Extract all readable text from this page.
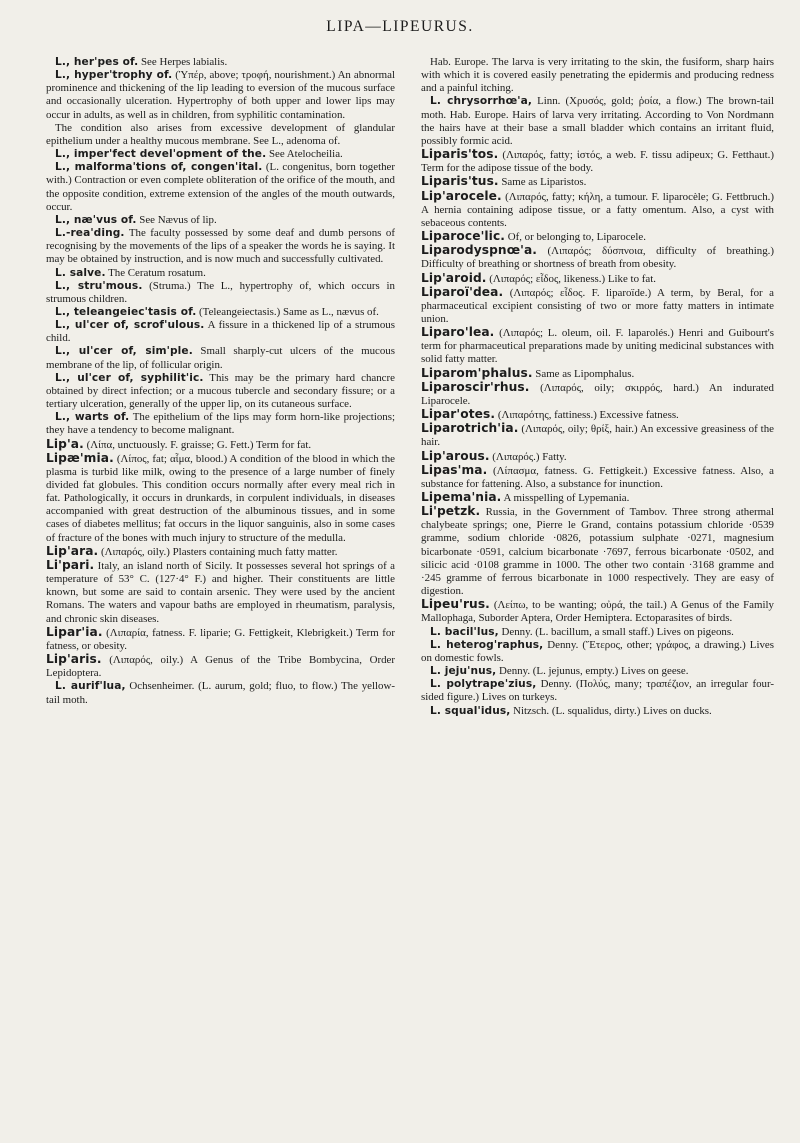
LIPA—LIPEURUS.

L., her'pes of. See Herpes labialis.

L., hyper'trophy of. (Ὑπέρ, above; τροφή, nourishment.) An abnormal prominence and thickening of the lip leading to eversion of the mucous surface and occasionally ulceration. Hypertrophy of both upper and lower lips may occur in adults, as well as in children, from syphilitic contamination.

The condition also arises from excessive development of glandular epithelium under a healthy mucous membrane. See L., adenoma of.

L., imper'fect devel'opment of the. See Atelocheilia.

L., malforma'tions of, congen'ital. (L. congenitus, born together with.) Contraction or even complete obliteration of the orifice of the mouth, and the opposite condition, extreme extension of the angles of the mouth outwards, occur.

L., næ'vus of. See Nævus of lip.

L.-rea'ding. The faculty possessed by some deaf and dumb persons of recognising by the movements of the lips of a speaker the words he is saying. It may be obtained by instruction, and is now much and successfully cultivated.

L. salve. The Ceratum rosatum.

L., stru'mous. (Struma.) The L., hypertrophy of, which occurs in strumous children.

L., teleangeiec'tasis of. (Teleangeiectasis.) Same as L., nævus of.

L., ul'cer of, scrof'ulous. A fissure in a thickened lip of a strumous child.

L., ul'cer of, sim'ple. Small sharply-cut ulcers of the mucous membrane of the lip, of follicular origin.

L., ul'cer of, syphilit'ic. This may be the primary hard chancre obtained by direct infection; or a mucous tubercle and secondary fissure; or a tertiary ulceration, generally of the upper lip, on its cutaneous surface.

L., warts of. The epithelium of the lips may form horn-like projections; they have a tendency to become malignant.

Lip'a. (Λίπα, unctuously. F. graisse; G. Fett.) Term for fat.

Lipæ'mia. (Λίπος, fat; αἷμα, blood.) A condition of the blood in which the plasma is turbid like milk, owing to the presence of a large number of finely divided fat globules. This condition occurs normally after every meal rich in fat. Pathologically, it occurs in drunkards, in corpulent individuals, in diseases accompanied with great destruction of the albuminous tissues, and in some cases of diabetes mellitus; fat occurs in the liquor sanguinis, also in some cases of fracture of the bones with much injury to structure of the medulla.

Lip'ara. (Λιπαρός, oily.) Plasters containing much fatty matter.

Li'pari. Italy, an island north of Sicily. It possesses several hot springs of a temperature of 53° C. (127·4° F.) and higher. Their constituents are little known, but some are said to contain arsenic. They were used by the ancient Romans. The waters and vapour baths are employed in rheumatism, paralysis, and chronic skin diseases.

Lipar'ia. (Λιπαρία, fatness. F. liparie; G. Fettigkeit, Klebrigkeit.) Term for fatness, or obesity.

Lip'aris. (Λιπαρός, oily.) A Genus of the Tribe Bombycina, Order Lepidoptera.

L. aurif'lua, Ochsenheimer. (L. aurum, gold; fluo, to flow.) The yellow-tail moth.

Hab. Europe. The larva is very irritating to the skin, the fusiform, sharp hairs with which it is covered easily penetrating the epidermis and producing redness and a painful itching.

L. chrysorrhœ'a, Linn. (Χρυσός, gold; ῥοία, a flow.) The brown-tail moth. Hab. Europe. Hairs of larva very irritating. According to Von Nordmann the hairs have at their base a small bladder which contains an irritant fluid, possibly formic acid.

Liparis'tos. (Λιπαρός, fatty; ἱστός, a web. F. tissu adipeux; G. Fetthaut.) Term for the adipose tissue of the body.

Liparis'tus. Same as Liparistos.

Lip'arocele. (Λιπαρός, fatty; κήλη, a tumour. F. liparocèle; G. Fettbruch.) A hernia containing adipose tissue, or a fatty omentum. Also, a cyst with sebaceous contents.

Liparoce'lic. Of, or belonging to, Liparocele.

Liparodyspnœ'a. (Λιπαρός; δύσπνοια, difficulty of breathing.) Difficulty of breathing or shortness of breath from obesity.

Lip'aroid. (Λιπαρός; εἶδος, likeness.) Like to fat.

Liparoï'dea. (Λιπαρός; εἶδος. F. liparoïde.) A term, by Beral, for a pharmaceutical excipient consisting of two or more fatty matters in intimate union.

Liparo'lea. (Λιπαρός; L. oleum, oil. F. laparolés.) Henri and Guibourt's term for pharmaceutical preparations made by uniting medicinal substances with solid fatty matter.

Liparom'phalus. Same as Lipomphalus.

Liparoscir'rhus. (Λιπαρός, oily; σκιρρός, hard.) An indurated Liparocele.

Lipar'otes. (Λιπαρότης, fattiness.) Excessive fatness.

Liparotrich'ia. (Λιπαρός, oily; θρίξ, hair.) An excessive greasiness of the hair.

Lip'arous. (Λιπαρός.) Fatty.

Lipas'ma. (Λίπασμα, fatness. G. Fettigkeit.) Excessive fatness. Also, a substance for fattening. Also, a substance for inunction.

Lipema'nia. A misspelling of Lypemania.

Li'petzk. Russia, in the Government of Tambov. Three strong athermal chalybeate springs; one, Pierre le Grand, contains potassium chloride ·0539 gramme, sodium chloride ·0826, potassium sulphate ·0271, magnesium bicarbonate ·0591, calcium bicarbonate ·7697, ferrous bicarbonate ·0502, and silicic acid ·0108 gramme in 1000. The other two contain ·3168 gramme and ·245 gramme of ferrous bicarbonate in 1000 respectively. They are easy of digestion.

Lipeu'rus. (Λείπω, to be wanting; οὐρά, the tail.) A Genus of the Family Mallophaga, Suborder Aptera, Order Hemiptera. Ectoparasites of birds.

L. bacil'lus, Denny. (L. bacillum, a small staff.) Lives on pigeons.

L. heterog'raphus, Denny. (Ἕτερος, other; γράφος, a drawing.) Lives on domestic fowls.

L. jeju'nus, Denny. (L. jejunus, empty.) Lives on geese.

L. polytrape'zius, Denny. (Πολύς, many; τραπέζιον, an irregular four-sided figure.) Lives on turkeys.

L. squal'idus, Nitzsch. (L. squalidus, dirty.) Lives on ducks.
